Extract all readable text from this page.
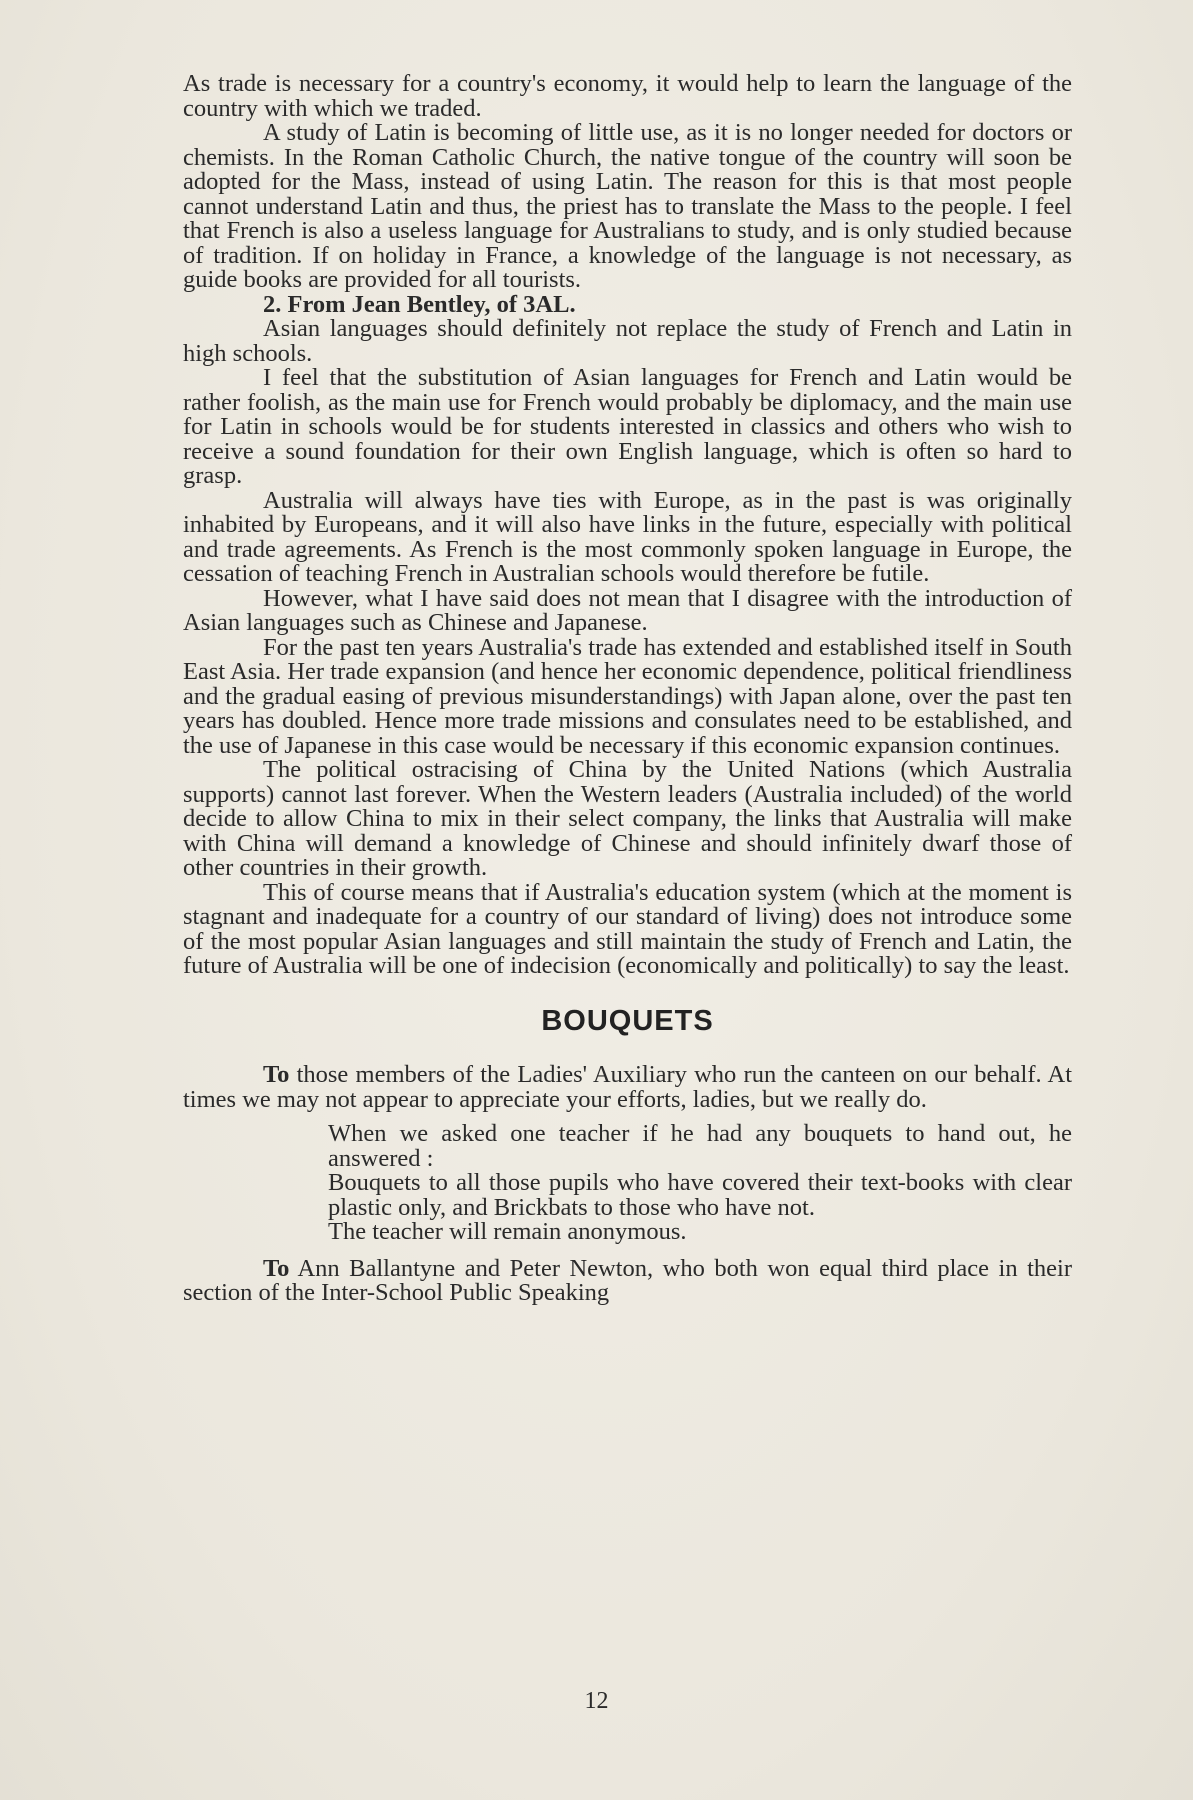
As trade is necessary for a country's economy, it would help to learn the language of the country with which we traded.

A study of Latin is becoming of little use, as it is no longer needed for doctors or chemists. In the Roman Catholic Church, the native tongue of the country will soon be adopted for the Mass, instead of using Latin. The reason for this is that most people cannot understand Latin and thus, the priest has to translate the Mass to the people. I feel that French is also a useless language for Australians to study, and is only studied because of tradition. If on holiday in France, a knowledge of the language is not necessary, as guide books are provided for all tourists.

2. From Jean Bentley, of 3AL.

Asian languages should definitely not replace the study of French and Latin in high schools.

I feel that the substitution of Asian languages for French and Latin would be rather foolish, as the main use for French would probably be diplomacy, and the main use for Latin in schools would be for students interested in classics and others who wish to receive a sound foundation for their own English language, which is often so hard to grasp.

Australia will always have ties with Europe, as in the past is was originally inhabited by Europeans, and it will also have links in the future, especially with political and trade agreements. As French is the most commonly spoken language in Europe, the cessation of teaching French in Australian schools would therefore be futile.

However, what I have said does not mean that I disagree with the introduction of Asian languages such as Chinese and Japanese.

For the past ten years Australia's trade has extended and established itself in South East Asia. Her trade expansion (and hence her economic dependence, political friendliness and the gradual easing of previous misunderstandings) with Japan alone, over the past ten years has doubled. Hence more trade missions and consulates need to be established, and the use of Japanese in this case would be necessary if this economic expansion continues.

The political ostracising of China by the United Nations (which Australia supports) cannot last forever. When the Western leaders (Australia included) of the world decide to allow China to mix in their select company, the links that Australia will make with China will demand a knowledge of Chinese and should infinitely dwarf those of other countries in their growth.

This of course means that if Australia's education system (which at the moment is stagnant and inadequate for a country of our standard of living) does not introduce some of the most popular Asian languages and still maintain the study of French and Latin, the future of Australia will be one of indecision (economically and politically) to say the least.

BOUQUETS

To those members of the Ladies' Auxiliary who run the canteen on our behalf. At times we may not appear to appreciate your efforts, ladies, but we really do.

When we asked one teacher if he had any bouquets to hand out, he answered :

Bouquets to all those pupils who have covered their text-books with clear plastic only, and Brickbats to those who have not.

The teacher will remain anonymous.

To Ann Ballantyne and Peter Newton, who both won equal third place in their section of the Inter-School Public Speaking

12
